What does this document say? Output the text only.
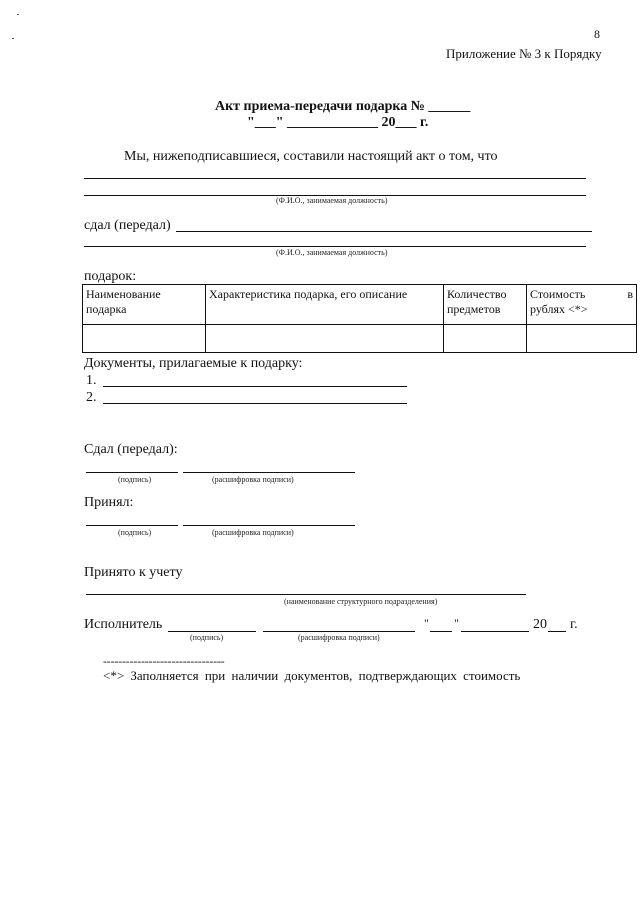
8
Приложение № 3 к Порядку
Акт приема-передачи подарка № ______
"___" _____________ 20___ г.
Мы, нижеподписавшиеся, составили настоящий акт о том, что
(Ф.И.О., занимаемая должность)
сдал (передал)
(Ф.И.О., занимаемая должность)
подарок:
Наименование подарка	Характеристика подарка, его описание	Количество предметов	Стоимость в
рублях <*>

Документы, прилагаемые к подарку:
1.
2.
Сдал (передал):
(подпись)	(расшифровка подписи)
Принял:
(подпись)	(расшифровка подписи)
Принято к учету
(наименование структурного подразделения)
Исполнитель	" "	20 г.
(подпись)	(расшифровка подписи)
--------------------------------
<*> Заполняется при наличии документов, подтверждающих стоимость
